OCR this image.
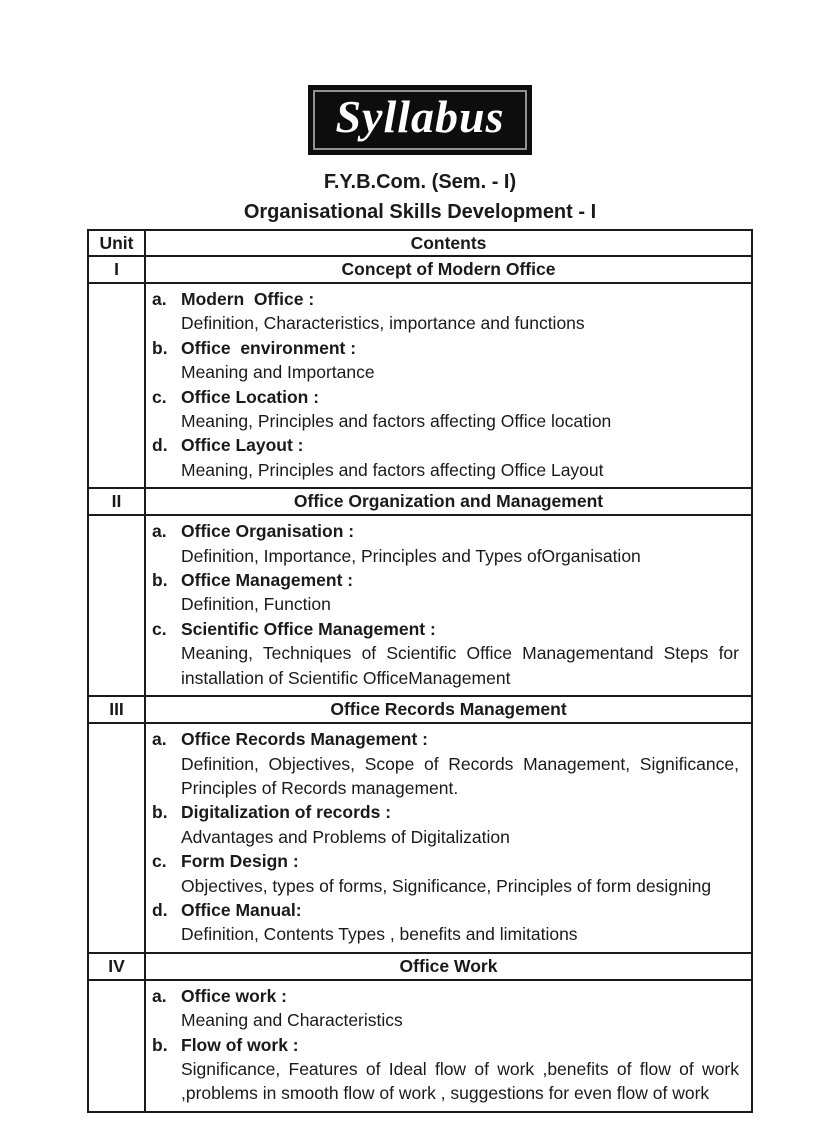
Syllabus
F.Y.B.Com. (Sem. - I)
Organisational Skills Development - I
Unit	Contents
I	Concept of Modern Office

a. Modern  Office :
Definition, Characteristics, importance and functions
b. Office  environment :
Meaning and Importance
c. Office Location :
Meaning, Principles and factors affecting Office location
d. Office Layout :
Meaning, Principles and factors affecting Office Layout

II	Office Organization and Management

a. Office Organisation :
Definition, Importance, Principles and Types ofOrganisation
b. Office Management :
Definition, Function
c. Scientific Office Management :
Meaning, Techniques of Scientific Office Managementand Steps for installation of Scientific OfficeManagement

III	Office Records Management

a. Office Records Management :
Definition, Objectives, Scope of Records Management, Significance, Principles of Records management.
b. Digitalization of records :
Advantages and Problems of Digitalization
c. Form Design :
Objectives, types of forms, Significance, Principles of form designing
d. Office Manual:
Definition, Contents Types , benefits and limitations

IV	Office Work

a. Office work :
Meaning and Characteristics
b. Flow of work :
Significance, Features of Ideal flow of work ,benefits of flow of work ,problems in smooth flow of work , suggestions for even flow of work
